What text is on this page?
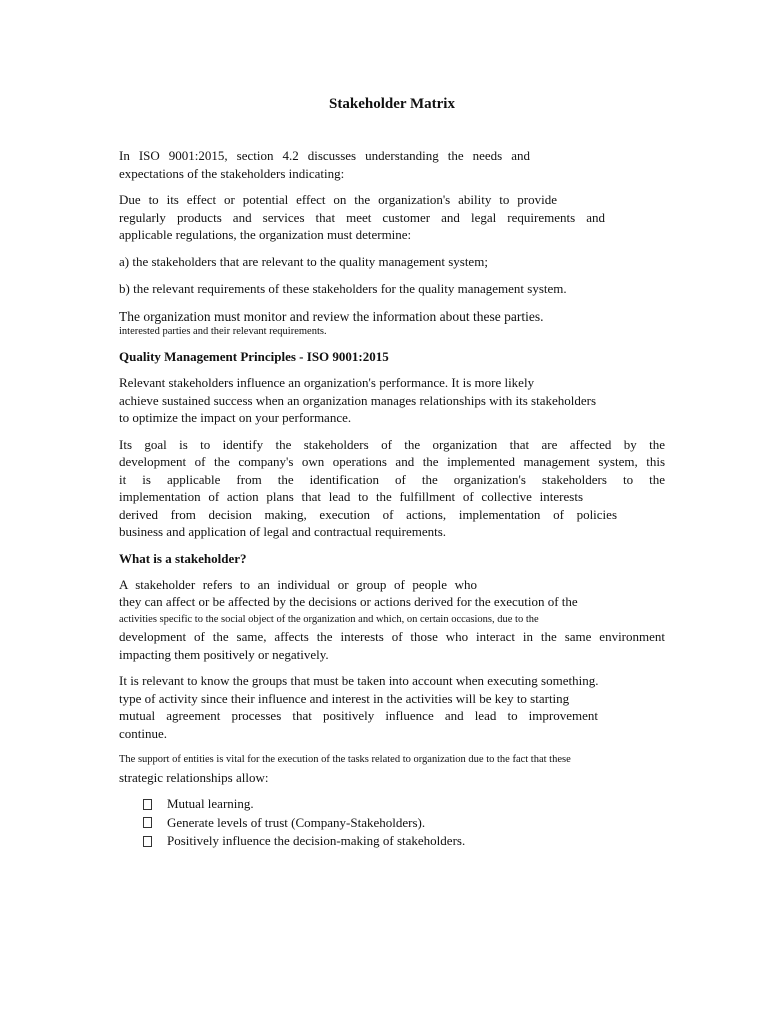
Stakeholder Matrix

In ISO 9001:2015, section 4.2 discusses understanding the needs and
expectations of the stakeholders indicating:

Due to its effect or potential effect on the organization's ability to provide
regularly products and services that meet customer and legal requirements and
applicable regulations, the organization must determine:

a) the stakeholders that are relevant to the quality management system;

b) the relevant requirements of these stakeholders for the quality management system.

The organization must monitor and review the information about these parties.
interested parties and their relevant requirements.

Quality Management Principles - ISO 9001:2015

Relevant stakeholders influence an organization's performance. It is more likely
achieve sustained success when an organization manages relationships with its stakeholders
to optimize the impact on your performance.

Its goal is to identify the stakeholders of the organization that are affected by the
development of the company's own operations and the implemented management system, this
it is applicable from the identification of the organization's stakeholders to the
implementation of action plans that lead to the fulfillment of collective interests
derived from decision making, execution of actions, implementation of policies
business and application of legal and contractual requirements.

What is a stakeholder?

A stakeholder refers to an individual or group of people who
they can affect or be affected by the decisions or actions derived for the execution of the
activities specific to the social object of the organization and which, on certain occasions, due to the
development of the same, affects the interests of those who interact in the same environment
impacting them positively or negatively.

It is relevant to know the groups that must be taken into account when executing something.
type of activity since their influence and interest in the activities will be key to starting
mutual agreement processes that positively influence and lead to improvement
continue.

The support of entities is vital for the execution of the tasks related to organization due to the fact that these
strategic relationships allow:

Mutual learning.
Generate levels of trust (Company-Stakeholders).
Positively influence the decision-making of stakeholders.
